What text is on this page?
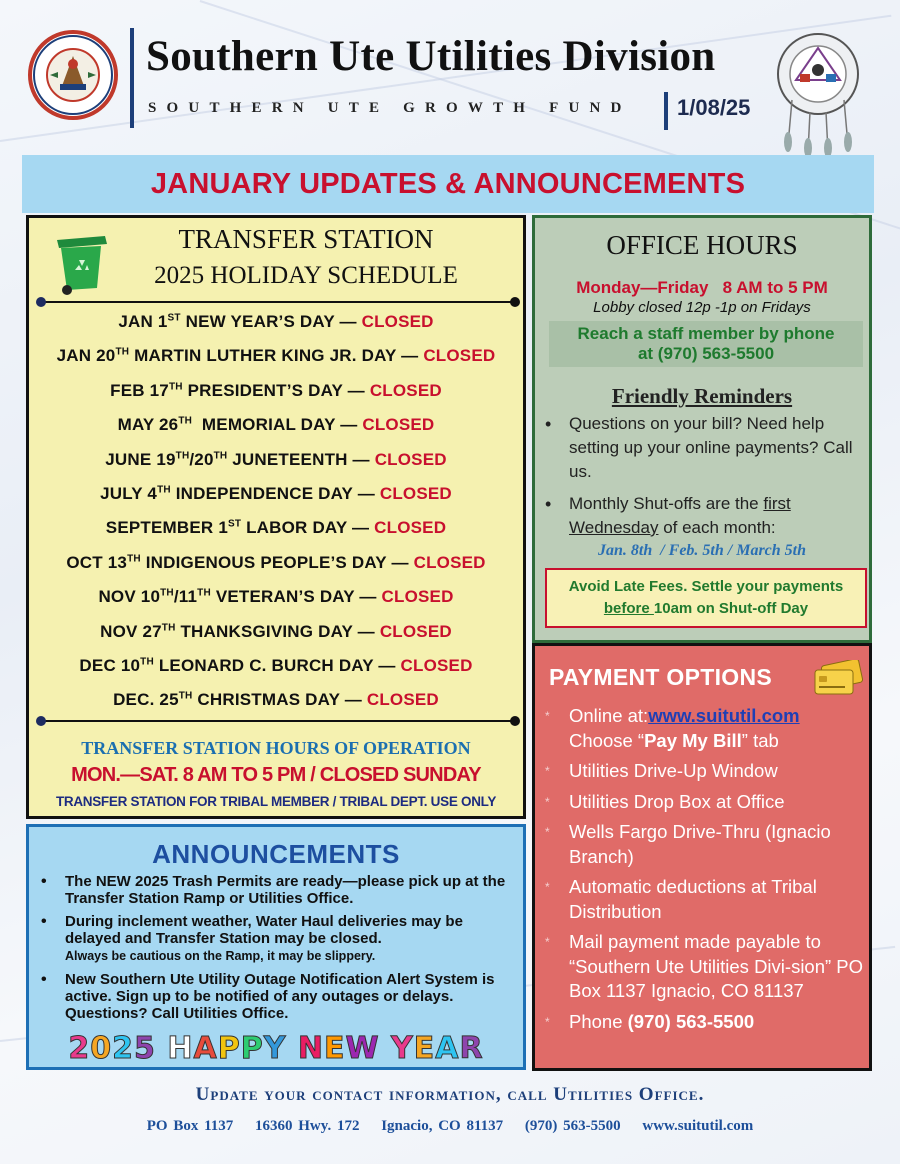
Southern Ute Utilities Division
SOUTHERN UTE GROWTH FUND 1/08/25
JANUARY UPDATES & ANNOUNCEMENTS
TRANSFER STATION
2025 HOLIDAY SCHEDULE
JAN 1ST NEW YEAR’S DAY — CLOSED
JAN 20TH MARTIN LUTHER KING JR. DAY — CLOSED
FEB 17TH PRESIDENT’S DAY — CLOSED
MAY 26TH  MEMORIAL DAY — CLOSED
JUNE 19TH/20TH JUNETEENTH — CLOSED
JULY 4TH INDEPENDENCE DAY — CLOSED
SEPTEMBER 1ST LABOR DAY — CLOSED
OCT 13TH INDIGENOUS PEOPLE’S DAY — CLOSED
NOV 10TH/11TH VETERAN’S DAY — CLOSED
NOV 27TH THANKSGIVING DAY — CLOSED
DEC 10TH LEONARD C. BURCH DAY — CLOSED
DEC. 25TH CHRISTMAS DAY — CLOSED
TRANSFER STATION HOURS OF OPERATION
MON.—SAT. 8 AM TO 5 PM / CLOSED SUNDAY
TRANSFER STATION FOR TRIBAL MEMBER / TRIBAL DEPT. USE ONLY
OFFICE HOURS
Monday—Friday   8 AM to 5 PM
Lobby closed 12p -1p on Fridays
Reach a staff member by phone
at (970) 563-5500
Friendly Reminders
• Questions on your bill? Need help setting up your online payments? Call us.
• Monthly Shut-offs are the first Wednesday of each month:
Jan. 8th  / Feb. 5th / March 5th
Avoid Late Fees. Settle your payments
before 10am on Shut-off Day
PAYMENT OPTIONS
* Online at:www.suitutil.com
Choose “Pay My Bill” tab
* Utilities Drive-Up Window
* Utilities Drop Box at Office
* Wells Fargo Drive-Thru (Ignacio Branch)
* Automatic deductions at Tribal Distribution
* Mail payment made payable to “Southern Ute Utilities Divi-sion” PO Box 1137 Ignacio, CO 81137
* Phone (970) 563-5500
ANNOUNCEMENTS
• The NEW 2025 Trash Permits are ready—please pick up at the Transfer Station Ramp or Utilities Office.
• During inclement weather, Water Haul deliveries may be delayed and Transfer Station may be closed.
Always be cautious on the Ramp, it may be slippery.
• New Southern Ute Utility Outage Notification Alert System is active. Sign up to be notified of any outages or delays. Questions? Call Utilities Office.
2025 HAPPY NEW YEAR
Update your contact information, call Utilities Office.
PO Box 1137 16360 Hwy. 172 Ignacio, CO 81137 (970) 563-5500 www.suitutil.com
